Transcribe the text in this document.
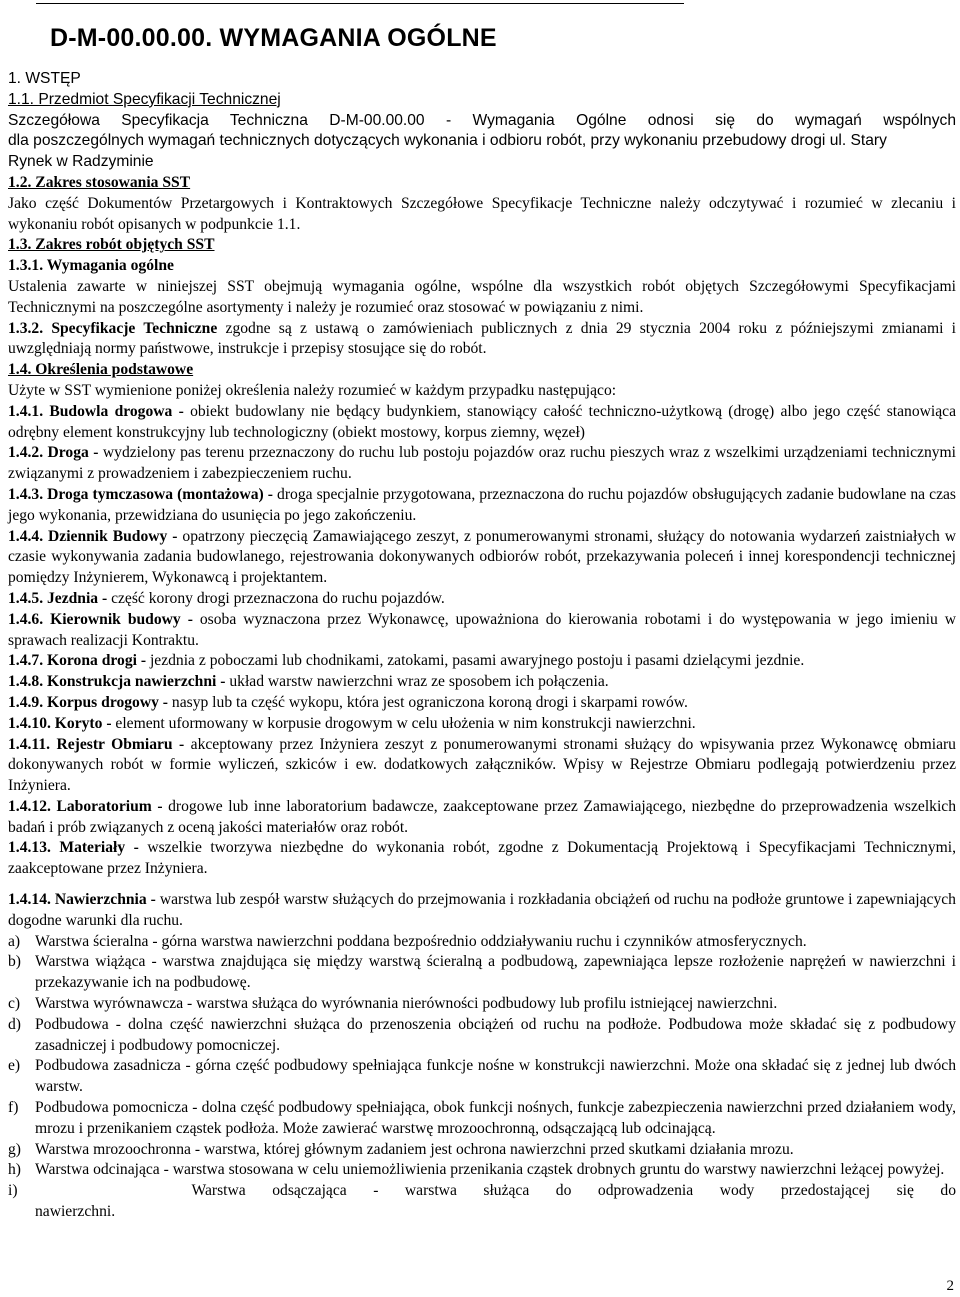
D-M-00.00.00. WYMAGANIA OGÓLNE
1. WSTĘP
1.1. Przedmiot Specyfikacji Technicznej
Szczegółowa Specyfikacja Techniczna D-M-00.00.00 - Wymagania Ogólne odnosi się do wymagań wspólnych
dla poszczególnych wymagań technicznych dotyczących wykonania i odbioru robót, przy wykonaniu przebudowy drogi ul. Stary
Rynek w Radzyminie
1.2. Zakres stosowania SST
Jako część Dokumentów Przetargowych i Kontraktowych Szczegółowe Specyfikacje Techniczne należy odczytywać i rozumieć w zlecaniu i wykonaniu robót opisanych w podpunkcie 1.1.
1.3. Zakres robót objętych SST
1.3.1. Wymagania ogólne
Ustalenia zawarte w niniejszej SST obejmują wymagania ogólne, wspólne dla wszystkich robót objętych Szczegółowymi Specyfikacjami Technicznymi na poszczególne asortymenty i należy je rozumieć oraz stosować w powiązaniu z nimi.
1.3.2. Specyfikacje Techniczne zgodne są z ustawą o zamówieniach publicznych z dnia 29 stycznia 2004 roku z późniejszymi zmianami i uwzględniają normy państwowe, instrukcje i przepisy stosujące się do robót.
1.4. Określenia podstawowe
Użyte w SST wymienione poniżej określenia należy rozumieć w każdym przypadku następująco:
1.4.1. Budowla drogowa - obiekt budowlany nie będący budynkiem, stanowiący całość techniczno-użytkową (drogę) albo jego część stanowiąca odrębny element konstrukcyjny lub technologiczny (obiekt mostowy, korpus ziemny, węzeł)
1.4.2. Droga - wydzielony pas terenu przeznaczony do ruchu lub postoju pojazdów oraz ruchu pieszych wraz z wszelkimi urządzeniami technicznymi związanymi z prowadzeniem i zabezpieczeniem ruchu.
1.4.3. Droga tymczasowa (montażowa) - droga specjalnie przygotowana, przeznaczona do ruchu pojazdów obsługujących zadanie budowlane na czas jego wykonania, przewidziana do usunięcia po jego zakończeniu.
1.4.4. Dziennik Budowy - opatrzony pieczęcią Zamawiającego zeszyt, z ponumerowanymi stronami, służący do notowania wydarzeń zaistniałych w czasie wykonywania zadania budowlanego, rejestrowania dokonywanych odbiorów robót, przekazywania poleceń i innej korespondencji technicznej pomiędzy Inżynierem, Wykonawcą i projektantem.
1.4.5. Jezdnia - część korony drogi przeznaczona do ruchu pojazdów.
1.4.6. Kierownik budowy - osoba wyznaczona przez Wykonawcę, upoważniona do kierowania robotami i do występowania w jego imieniu w sprawach realizacji Kontraktu.
1.4.7. Korona drogi - jezdnia z poboczami lub chodnikami, zatokami, pasami awaryjnego postoju i pasami dzielącymi jezdnie.
1.4.8. Konstrukcja nawierzchni - układ warstw nawierzchni wraz ze sposobem ich połączenia.
1.4.9. Korpus drogowy - nasyp lub ta część wykopu, która jest ograniczona koroną drogi i skarpami rowów.
1.4.10. Koryto - element uformowany w korpusie drogowym w celu ułożenia w nim konstrukcji nawierzchni.
1.4.11. Rejestr Obmiaru - akceptowany przez Inżyniera zeszyt z ponumerowanymi stronami służący do wpisywania przez Wykonawcę obmiaru dokonywanych robót w formie wyliczeń, szkiców i ew. dodatkowych załączników. Wpisy w Rejestrze Obmiaru podlegają potwierdzeniu przez Inżyniera.
1.4.12. Laboratorium - drogowe lub inne laboratorium badawcze, zaakceptowane przez Zamawiającego, niezbędne do przeprowadzenia wszelkich badań i prób związanych z oceną jakości materiałów oraz robót.
1.4.13. Materiały - wszelkie tworzywa niezbędne do wykonania robót, zgodne z Dokumentacją Projektową i Specyfikacjami Technicznymi, zaakceptowane przez Inżyniera.
1.4.14. Nawierzchnia - warstwa lub zespół warstw służących do przejmowania i rozkładania obciążeń od ruchu na podłoże gruntowe i zapewniających dogodne warunki dla ruchu.
a) Warstwa ścieralna - górna warstwa nawierzchni poddana bezpośrednio oddziaływaniu ruchu i czynników atmosferycznych.
b) Warstwa wiążąca - warstwa znajdująca się między warstwą ścieralną a podbudową, zapewniająca lepsze rozłożenie naprężeń w nawierzchni i przekazywanie ich na podbudowę.
c) Warstwa wyrównawcza - warstwa służąca do wyrównania nierówności podbudowy lub profilu istniejącej nawierzchni.
d) Podbudowa - dolna część nawierzchni służąca do przenoszenia obciążeń od ruchu na podłoże. Podbudowa może składać się z podbudowy zasadniczej i podbudowy pomocniczej.
e) Podbudowa zasadnicza - górna część podbudowy spełniająca funkcje nośne w konstrukcji nawierzchni. Może ona składać się z jednej lub dwóch warstw.
f)	Podbudowa pomocnicza - dolna część podbudowy spełniająca, obok funkcji nośnych, funkcje zabezpieczenia nawierzchni przed działaniem wody, mrozu i przenikaniem cząstek podłoża. Może zawierać warstwę mrozoochronną, odsączającą lub odcinającą.
g) Warstwa mrozoochronna - warstwa, której głównym zadaniem jest ochrona nawierzchni przed skutkami działania mrozu.
h) Warstwa odcinająca - warstwa stosowana w celu uniemożliwienia przenikania cząstek drobnych gruntu do warstwy nawierzchni leżącej powyżej.
i)	Warstwa odsączająca - warstwa służąca do odprowadzenia wody przedostającej się do
nawierzchni.
2
